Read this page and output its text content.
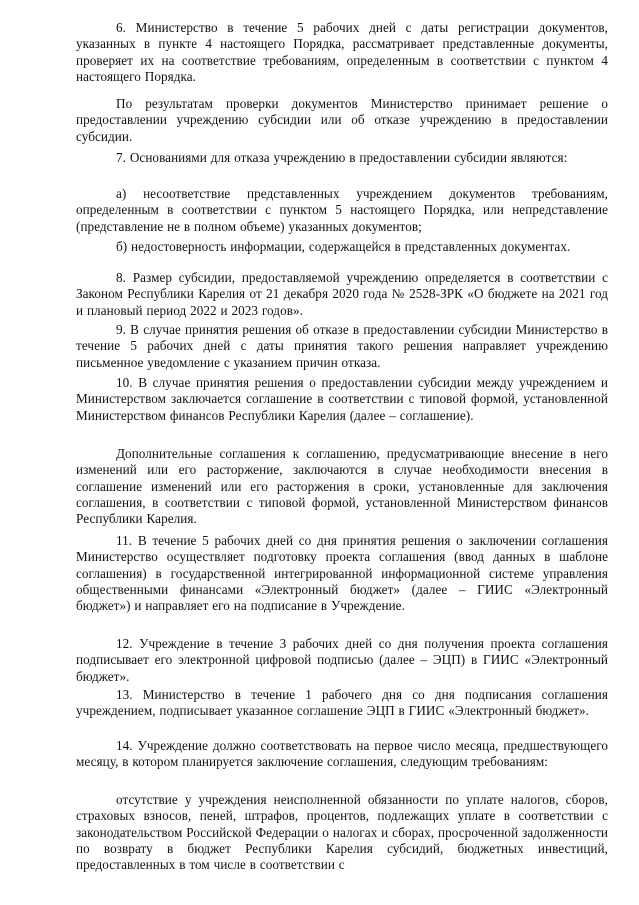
6. Министерство в течение 5 рабочих дней с даты регистрации документов, указанных в пункте 4 настоящего Порядка, рассматривает представленные документы, проверяет их на соответствие требованиям, определенным в соответствии с пунктом 4 настоящего Порядка.
По результатам проверки документов Министерство принимает решение о предоставлении учреждению субсидии или об отказе учреждению в предоставлении субсидии.
7. Основаниями для отказа учреждению в предоставлении субсидии являются:
а) несоответствие представленных учреждением документов требованиям, определенным в соответствии с пунктом 5 настоящего Порядка, или непредставление (представление не в полном объеме) указанных документов;
б) недостоверность информации, содержащейся в представленных документах.
8. Размер субсидии, предоставляемой учреждению определяется в соответствии с Законом Республики Карелия от 21 декабря 2020 года № 2528-ЗРК «О бюджете на 2021 год и плановый период 2022 и 2023 годов».
9. В случае принятия решения об отказе в предоставлении субсидии Министерство в течение 5 рабочих дней с даты принятия такого решения направляет учреждению письменное уведомление с указанием причин отказа.
10. В случае принятия решения о предоставлении субсидии между учреждением и Министерством заключается соглашение в соответствии с типовой формой, установленной Министерством финансов Республики Карелия (далее – соглашение).
Дополнительные соглашения к соглашению, предусматривающие внесение в него изменений или его расторжение, заключаются в случае необходимости внесения в соглашение изменений или его расторжения в сроки, установленные для заключения соглашения, в соответствии с типовой формой, установленной Министерством финансов Республики Карелия.
11. В течение 5 рабочих дней со дня принятия решения о заключении соглашения Министерство осуществляет подготовку проекта соглашения (ввод данных в шаблоне соглашения) в государственной интегрированной информационной системе управления общественными финансами «Электронный бюджет» (далее – ГИИС «Электронный бюджет») и направляет его на подписание в Учреждение.
12. Учреждение в течение 3 рабочих дней со дня получения проекта соглашения подписывает его электронной цифровой подписью (далее – ЭЦП) в ГИИС «Электронный бюджет».
13. Министерство в течение 1 рабочего дня со дня подписания соглашения учреждением, подписывает указанное соглашение ЭЦП в ГИИС «Электронный бюджет».
14. Учреждение должно соответствовать на первое число месяца, предшествующего месяцу, в котором планируется заключение соглашения, следующим требованиям:
отсутствие у учреждения неисполненной обязанности по уплате налогов, сборов, страховых взносов, пеней, штрафов, процентов, подлежащих уплате в соответствии с законодательством Российской Федерации о налогах и сборах, просроченной задолженности по возврату в бюджет Республики Карелия субсидий, бюджетных инвестиций, предоставленных в том числе в соответствии с
